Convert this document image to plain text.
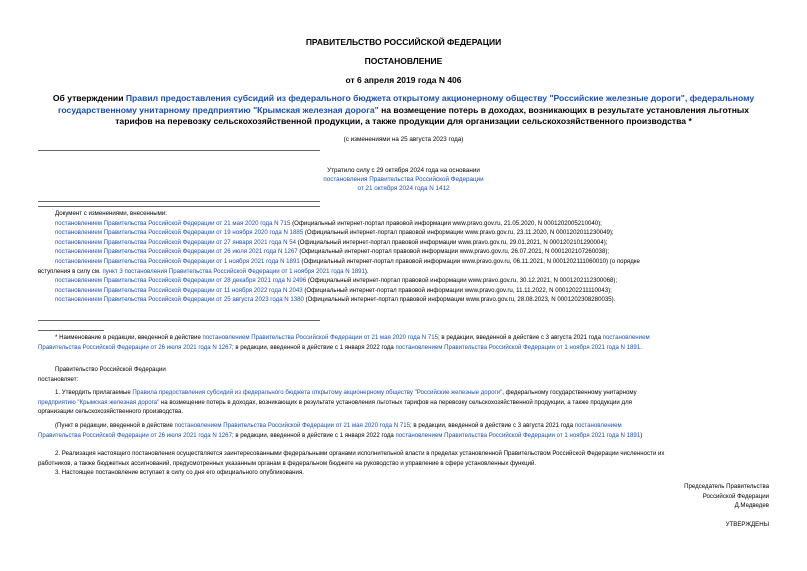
ПРАВИТЕЛЬСТВО РОССИЙСКОЙ ФЕДЕРАЦИИ
ПОСТАНОВЛЕНИЕ
от 6 апреля 2019 года N 406
Об утверждении Правил предоставления субсидий из федерального бюджета открытому акционерному обществу "Российские железные дороги", федеральному государственному унитарному предприятию "Крымская железная дорога" на возмещение потерь в доходах, возникающих в результате установления льготных тарифов на перевозку сельскохозяйственной продукции, а также продукции для организации сельскохозяйственного производства *
(с изменениями на 25 августа 2023 года)
Утратило силу с 29 октября 2024 года на основании
постановления Правительства Российской Федерации
от 21 октября 2024 года N 1412
Документ с изменениями, внесенными:
постановлением Правительства Российской Федерации от 21 мая 2020 года N 715 (Официальный интернет-портал правовой информации www.pravo.gov.ru, 21.05.2020, N 0001202005210040);
постановлением Правительства Российской Федерации от 19 ноября 2020 года N 1885 (Официальный интернет-портал правовой информации www.pravo.gov.ru, 23.11.2020, N 0001202011230049);
постановлением Правительства Российской Федерации от 27 января 2021 года N 54 (Официальный интернет-портал правовой информации www.pravo.gov.ru, 29.01.2021, N 0001202101290004);
постановлением Правительства Российской Федерации от 26 июля 2021 года N 1267 (Официальный интернет-портал правовой информации www.pravo.gov.ru, 26.07.2021, N 0001202107260038);
постановлением Правительства Российской Федерации от 1 ноября 2021 года N 1891 (Официальный интернет-портал правовой информации www.pravo.gov.ru, 06.11.2021, N 0001202111060010) (о порядке
вступления в силу см. пункт 3 постановления Правительства Российской Федерации от 1 ноября 2021 года N 1891).
постановлением Правительства Российской Федерации от 28 декабря 2021 года N 2496 (Официальный интернет-портал правовой информации www.pravo.gov.ru, 30.12.2021, N 0001202112300068);
постановлением Правительства Российской Федерации от 11 ноября 2022 года N 2043 (Официальный интернет-портал правовой информации www.pravo.gov.ru, 11.11.2022, N 0001202211110043);
постановлением Правительства Российской Федерации от 25 августа 2023 года N 1380 (Официальный интернет-портал правовой информации www.pravo.gov.ru, 28.08.2023, N 0001202308280035).
* Наименование в редакции, введенной в действие постановлением Правительства Российской Федерации от 21 мая 2020 года N 715; в редакции, введенной в действие с 3 августа 2021 года постановлением
Правительства Российской Федерации от 26 июля 2021 года N 1267; в редакции, введенной в действие с 1 января 2022 года постановлением Правительства Российской Федерации от 1 ноября 2021 года N 1891.
Правительство Российской Федерации
постановляет:
1. Утвердить прилагаемые Правила предоставления субсидий из федерального бюджета открытому акционерному обществу "Российские железные дороги", федеральному государственному унитарному
предприятию "Крымская железная дорога" на возмещение потерь в доходах, возникающих в результате установления льготных тарифов на перевозку сельскохозяйственной продукции, а также продукции для
организации сельскохозяйственного производства.
(Пункт в редакции, введенной в действие постановлением Правительства Российской Федерации от 21 мая 2020 года N 715; в редакции, введенной в действие с 3 августа 2021 года постановлением
Правительства Российской Федерации от 26 июля 2021 года N 1267; в редакции, введенной в действие с 1 января 2022 года постановлением Правительства Российской Федерации от 1 ноября 2021 года N 1891)
2. Реализация настоящего постановления осуществляется заинтересованными федеральными органами исполнительной власти в пределах установленной Правительством Российской Федерации численности их
работников, а также бюджетных ассигнований, предусмотренных указанным органам в федеральном бюджете на руководство и управление в сфере установленных функций.
3. Настоящее постановление вступает в силу со дня его официального опубликования.
Председатель Правительства
Российской Федерации
Д.Медведев
УТВЕРЖДЕНЫ
